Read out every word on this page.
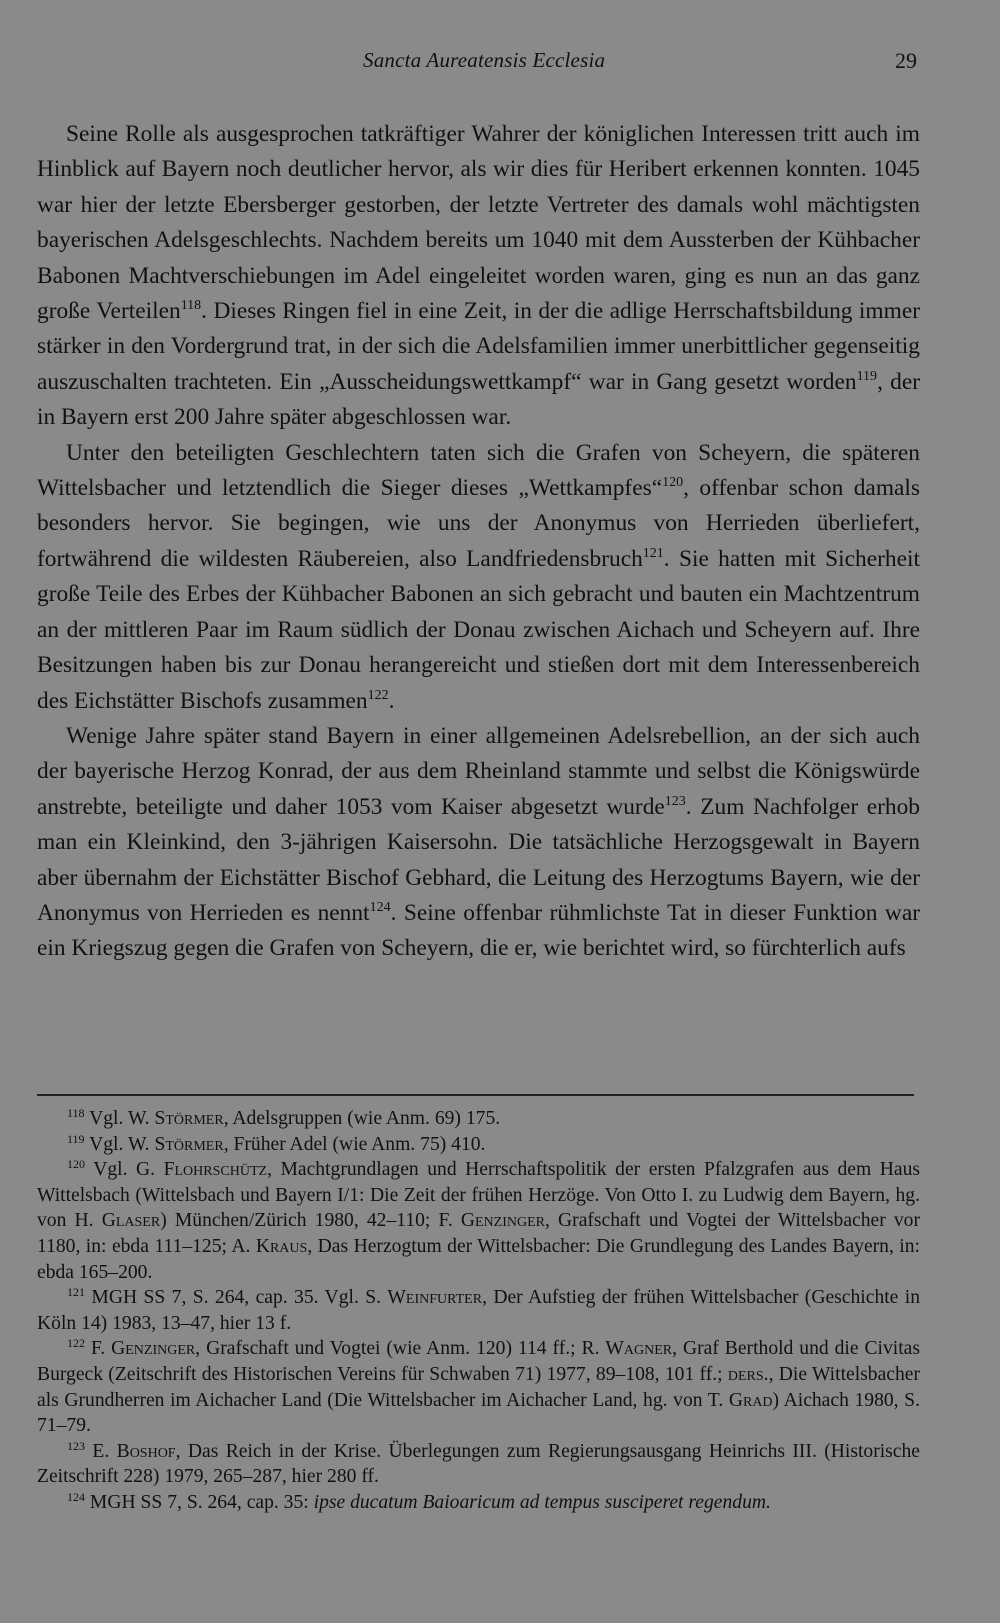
Sancta Aureatensis Ecclesia	29

Seine Rolle als ausgesprochen tatkräftiger Wahrer der königlichen Interessen tritt auch im Hinblick auf Bayern noch deutlicher hervor, als wir dies für Heribert erkennen konnten. 1045 war hier der letzte Ebersberger gestorben, der letzte Vertreter des damals wohl mächtigsten bayerischen Adelsgeschlechts. Nachdem bereits um 1040 mit dem Aussterben der Kühbacher Babonen Machtverschiebungen im Adel eingeleitet worden waren, ging es nun an das ganz große Verteilen$^{118}$. Dieses Ringen fiel in eine Zeit, in der die adlige Herrschaftsbildung immer stärker in den Vordergrund trat, in der sich die Adelsfamilien immer unerbittlicher gegenseitig auszuschalten trachteten. Ein „Ausscheidungswettkampf“ war in Gang gesetzt worden$^{119}$, der in Bayern erst 200 Jahre später abgeschlossen war.

Unter den beteiligten Geschlechtern taten sich die Grafen von Scheyern, die späteren Wittelsbacher und letztendlich die Sieger dieses „Wettkampfes“$^{120}$, offenbar schon damals besonders hervor. Sie begingen, wie uns der Anonymus von Herrieden überliefert, fortwährend die wildesten Räubereien, also Landfriedensbruch$^{121}$. Sie hatten mit Sicherheit große Teile des Erbes der Kühbacher Babonen an sich gebracht und bauten ein Machtzentrum an der mittleren Paar im Raum südlich der Donau zwischen Aichach und Scheyern auf. Ihre Besitzungen haben bis zur Donau herangereicht und stießen dort mit dem Interessenbereich des Eichstätter Bischofs zusammen$^{122}$.

Wenige Jahre später stand Bayern in einer allgemeinen Adelsrebellion, an der sich auch der bayerische Herzog Konrad, der aus dem Rheinland stammte und selbst die Königswürde anstrebte, beteiligte und daher 1053 vom Kaiser abgesetzt wurde$^{123}$. Zum Nachfolger erhob man ein Kleinkind, den 3-jährigen Kaisersohn. Die tatsächliche Herzogsgewalt in Bayern aber übernahm der Eichstätter Bischof Gebhard, die Leitung des Herzogtums Bayern, wie der Anonymus von Herrieden es nennt$^{124}$. Seine offenbar rühmlichste Tat in dieser Funktion war ein Kriegszug gegen die Grafen von Scheyern, die er, wie berichtet wird, so fürchterlich aufs

$^{118}$ Vgl. W. Störmer, Adelsgruppen (wie Anm. 69) 175.

$^{119}$ Vgl. W. Störmer, Früher Adel (wie Anm. 75) 410.

$^{120}$ Vgl. G. Flohrschütz, Machtgrundlagen und Herrschaftspolitik der ersten Pfalzgrafen aus dem Haus Wittelsbach (Wittelsbach und Bayern I/1: Die Zeit der frühen Herzöge. Von Otto I. zu Ludwig dem Bayern, hg. von H. Glaser) München/Zürich 1980, 42–110; F. Genzinger, Grafschaft und Vogtei der Wittelsbacher vor 1180, in: ebda 111–125; A. Kraus, Das Herzogtum der Wittelsbacher: Die Grundlegung des Landes Bayern, in: ebda 165–200.

$^{121}$ MGH SS 7, S. 264, cap. 35. Vgl. S. Weinfurter, Der Aufstieg der frühen Wittelsbacher (Geschichte in Köln 14) 1983, 13–47, hier 13 f.

$^{122}$ F. Genzinger, Grafschaft und Vogtei (wie Anm. 120) 114 ff.; R. Wagner, Graf Berthold und die Civitas Burgeck (Zeitschrift des Historischen Vereins für Schwaben 71) 1977, 89–108, 101 ff.; ders., Die Wittelsbacher als Grundherren im Aichacher Land (Die Wittelsbacher im Aichacher Land, hg. von T. Grad) Aichach 1980, S. 71–79.

$^{123}$ E. Boshof, Das Reich in der Krise. Überlegungen zum Regierungsausgang Heinrichs III. (Historische Zeitschrift 228) 1979, 265–287, hier 280 ff.

$^{124}$ MGH SS 7, S. 264, cap. 35: ipse ducatum Baioaricum ad tempus susciperet regendum.
